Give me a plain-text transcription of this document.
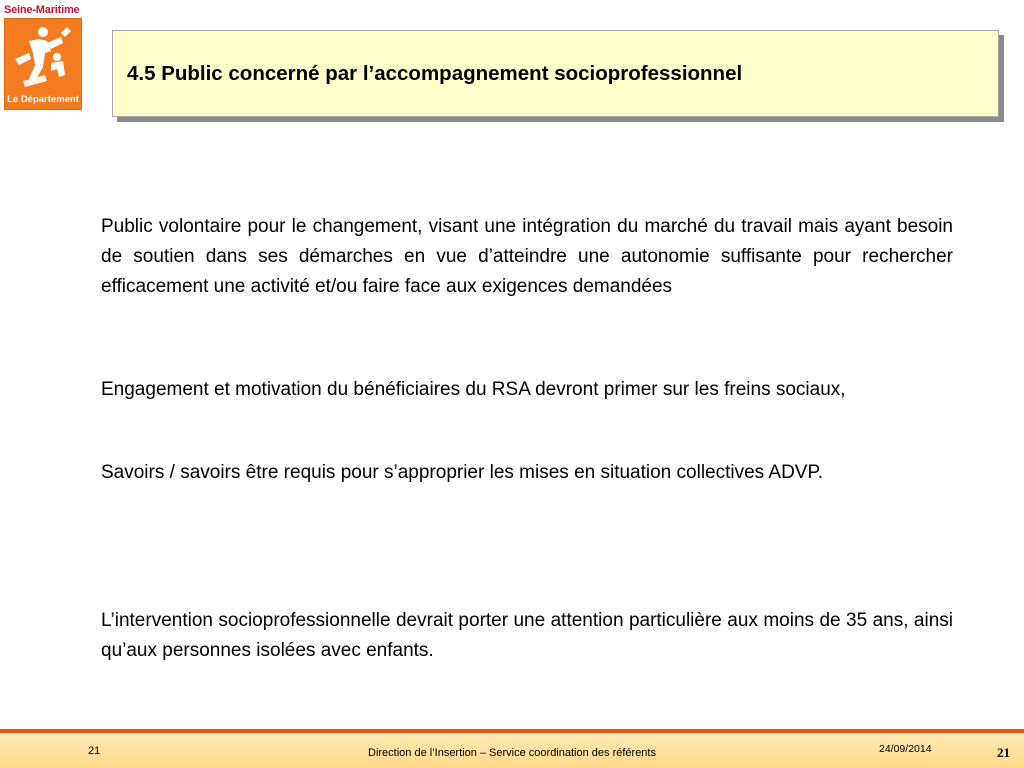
Seine-Maritime
Le Département
4.5 Public concerné par l’accompagnement socioprofessionnel

Public volontaire pour le changement, visant une intégration du marché du travail mais ayant besoin de soutien dans ses démarches en vue d’atteindre une autonomie suffisante pour rechercher efficacement une activité et/ou faire face aux exigences demandées

Engagement et motivation du bénéficiaires du RSA devront primer sur les freins sociaux,

Savoirs / savoirs être requis pour s’approprier les mises en situation collectives ADVP.

L’intervention socioprofessionnelle devrait porter une attention particulière aux moins de 35 ans, ainsi qu’aux personnes isolées avec enfants.

21	Direction de l’Insertion – Service coordination des référents	24/09/2014	21
